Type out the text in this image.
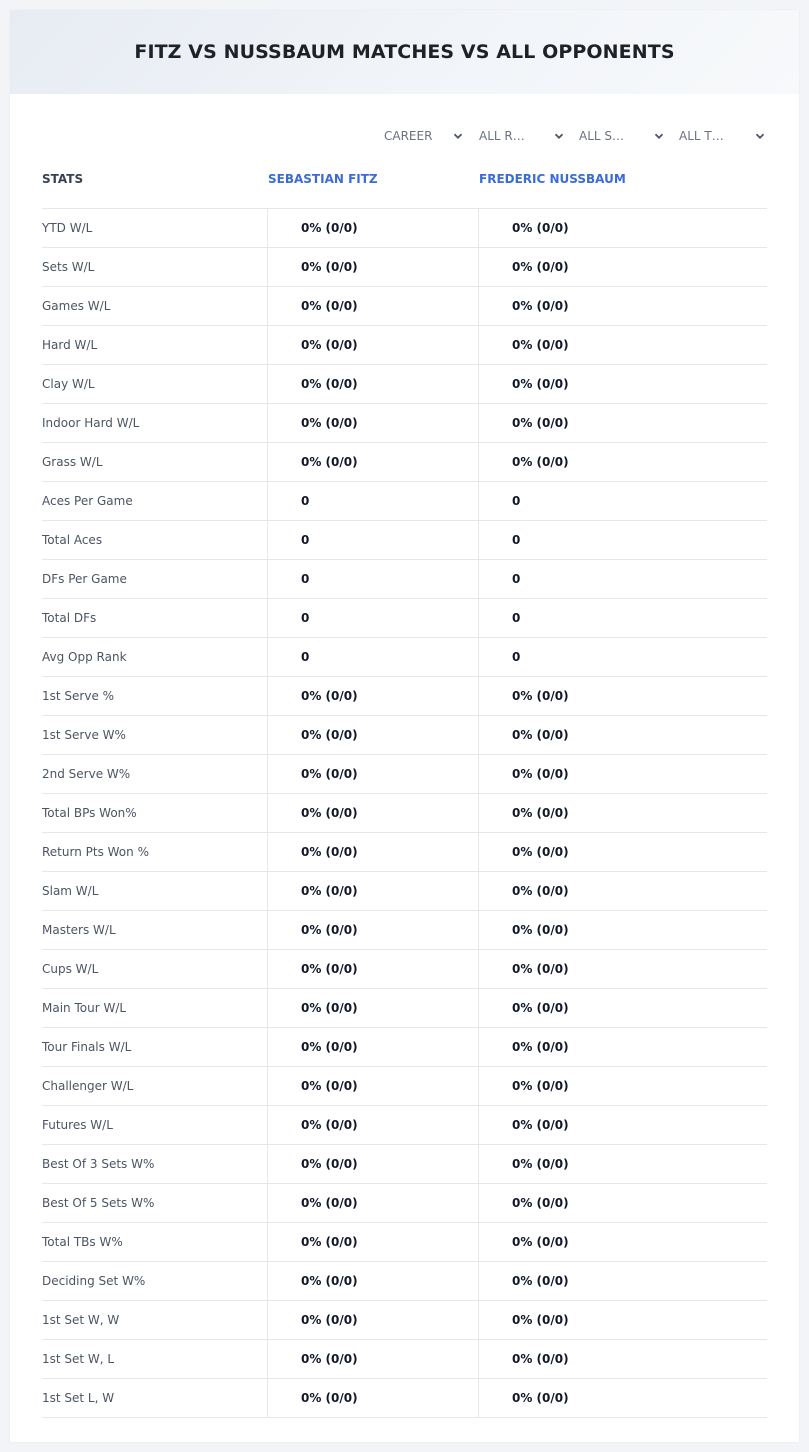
FITZ VS NUSSBAUM MATCHES VS ALL OPPONENTS
CAREER	ALL R…	ALL S…	ALL T…
STATS	SEBASTIAN FITZ	FREDERIC NUSSBAUM
YTD W/L	0% (0/0)	0% (0/0)
Sets W/L	0% (0/0)	0% (0/0)
Games W/L	0% (0/0)	0% (0/0)
Hard W/L	0% (0/0)	0% (0/0)
Clay W/L	0% (0/0)	0% (0/0)
Indoor Hard W/L	0% (0/0)	0% (0/0)
Grass W/L	0% (0/0)	0% (0/0)
Aces Per Game	0	0
Total Aces	0	0
DFs Per Game	0	0
Total DFs	0	0
Avg Opp Rank	0	0
1st Serve %	0% (0/0)	0% (0/0)
1st Serve W%	0% (0/0)	0% (0/0)
2nd Serve W%	0% (0/0)	0% (0/0)
Total BPs Won%	0% (0/0)	0% (0/0)
Return Pts Won %	0% (0/0)	0% (0/0)
Slam W/L	0% (0/0)	0% (0/0)
Masters W/L	0% (0/0)	0% (0/0)
Cups W/L	0% (0/0)	0% (0/0)
Main Tour W/L	0% (0/0)	0% (0/0)
Tour Finals W/L	0% (0/0)	0% (0/0)
Challenger W/L	0% (0/0)	0% (0/0)
Futures W/L	0% (0/0)	0% (0/0)
Best Of 3 Sets W%	0% (0/0)	0% (0/0)
Best Of 5 Sets W%	0% (0/0)	0% (0/0)
Total TBs W%	0% (0/0)	0% (0/0)
Deciding Set W%	0% (0/0)	0% (0/0)
1st Set W, W	0% (0/0)	0% (0/0)
1st Set W, L	0% (0/0)	0% (0/0)
1st Set L, W	0% (0/0)	0% (0/0)
